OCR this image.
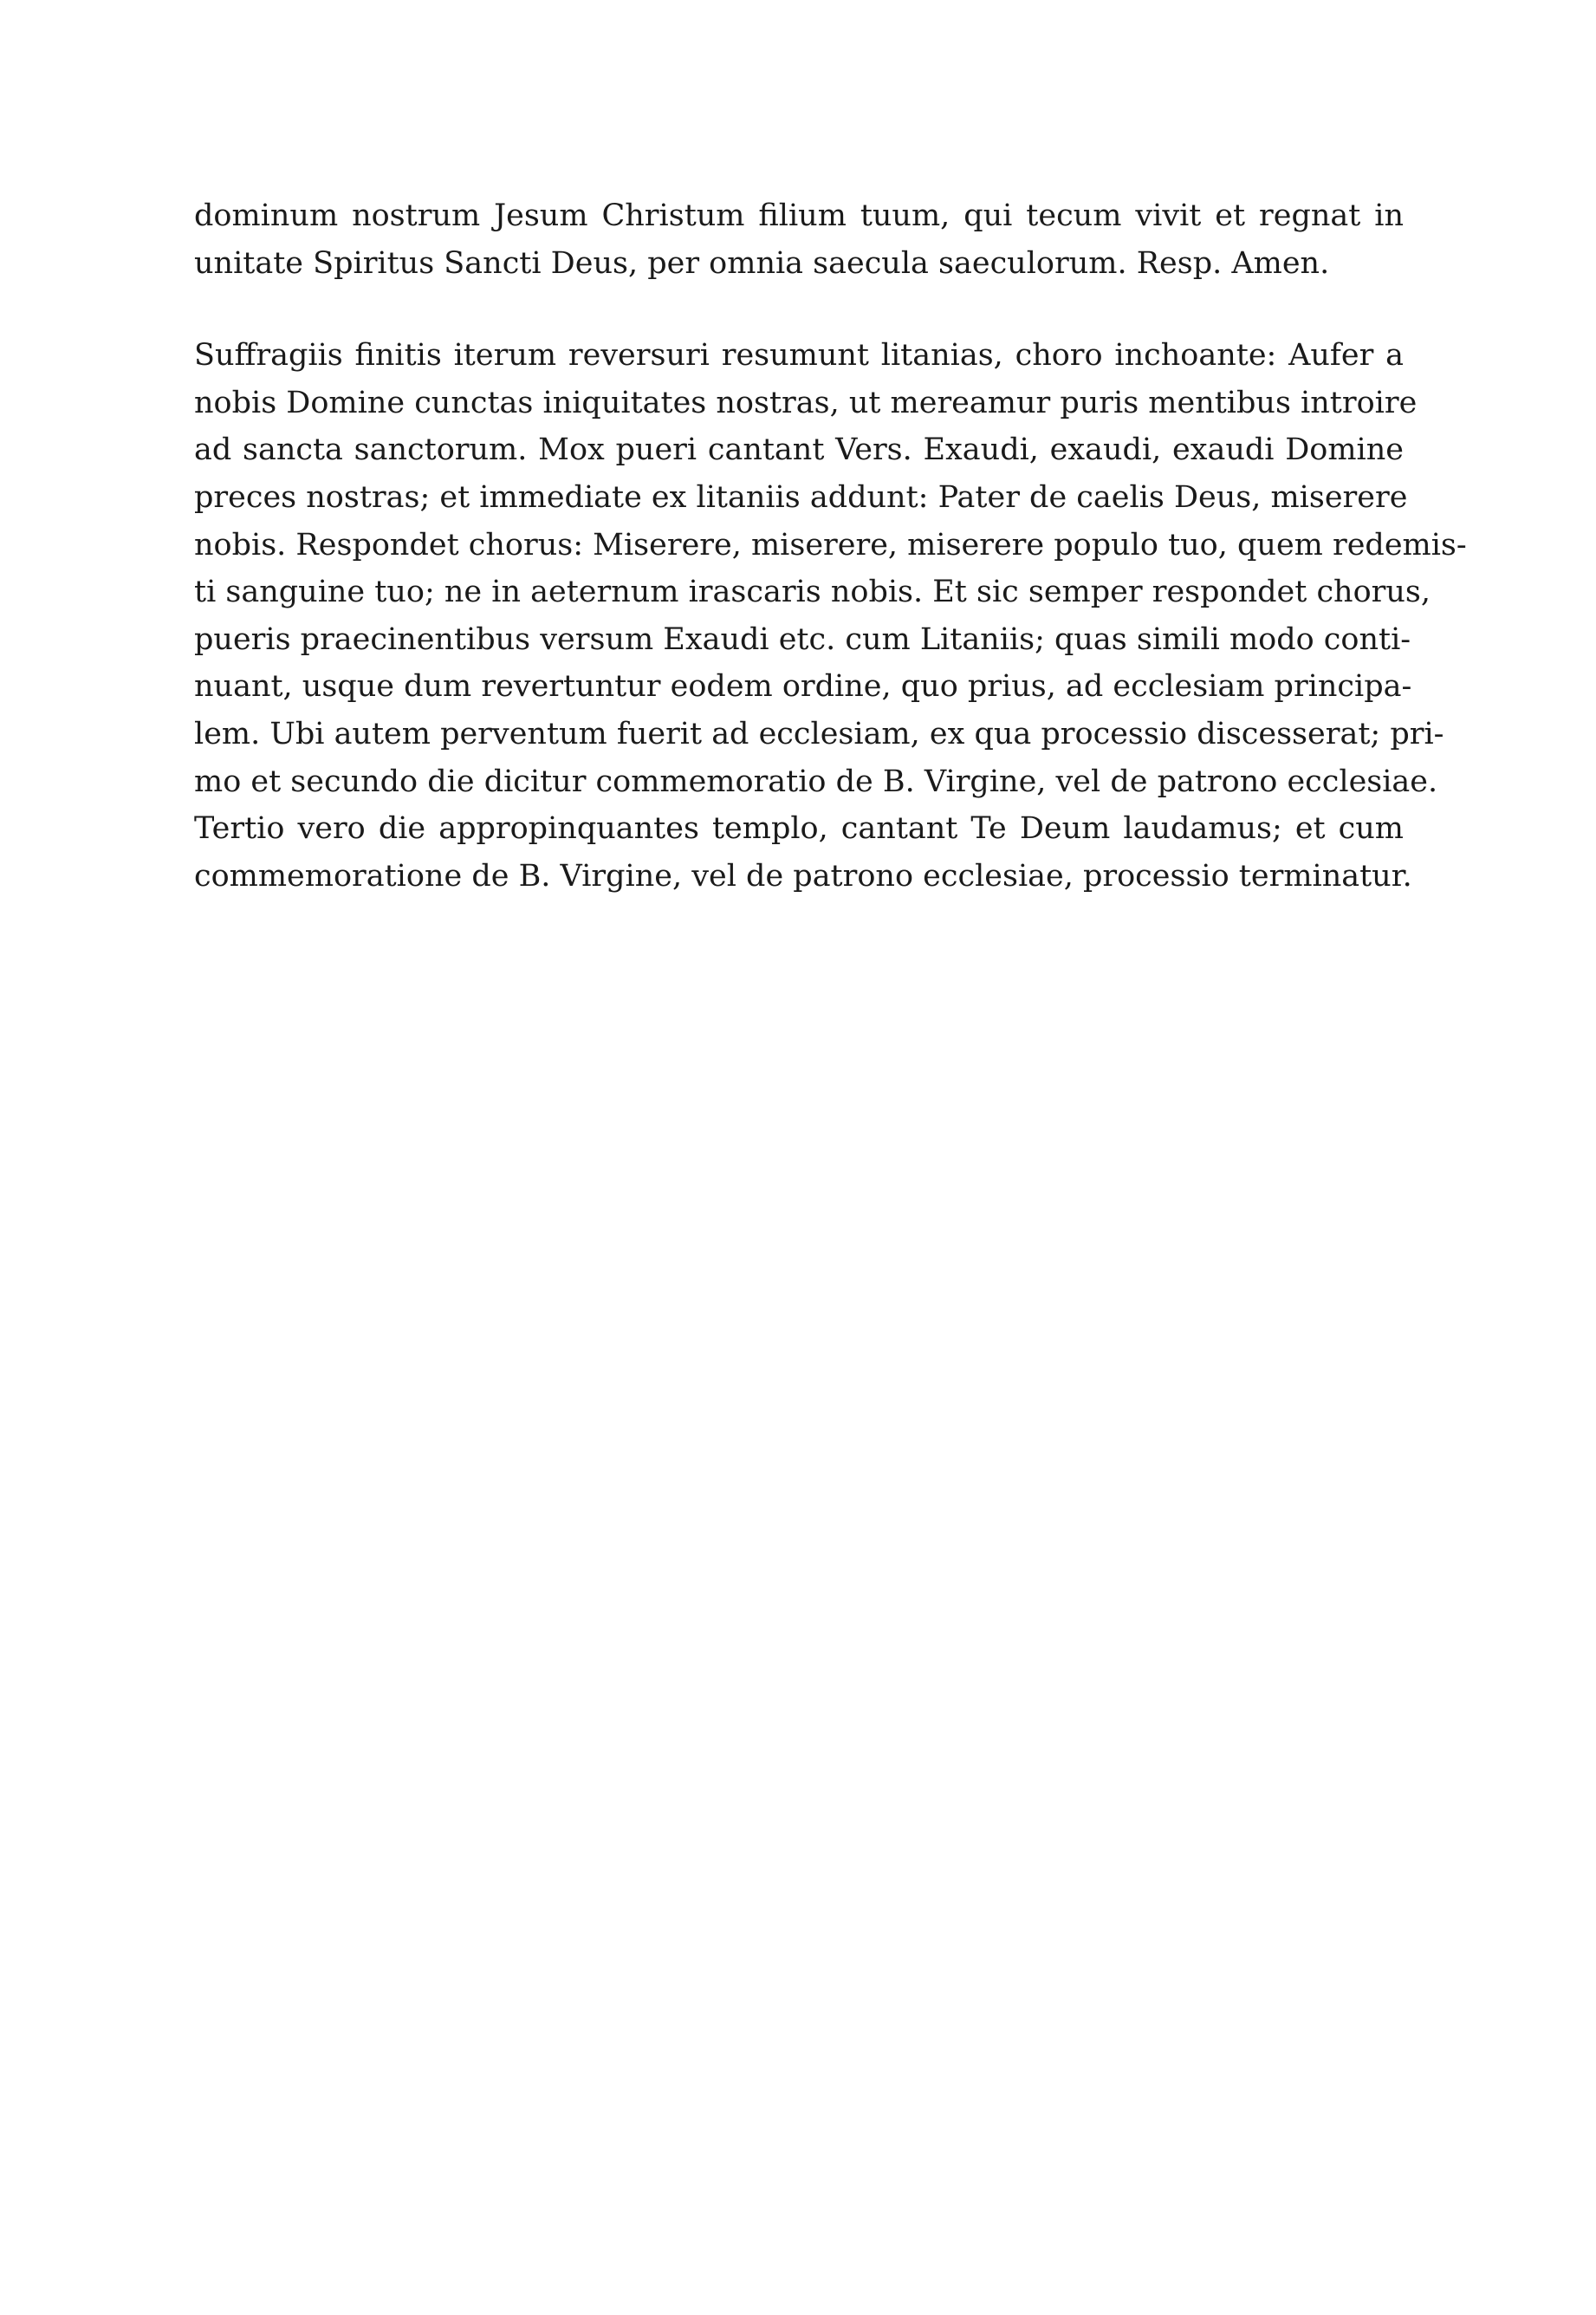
dominum nostrum Jesum Christum filium tuum, qui tecum vivit et regnat in
unitate Spiritus Sancti Deus, per omnia saecula saeculorum. Resp. Amen.
Suffragiis finitis iterum reversuri resumunt litanias, choro inchoante: Aufer a
nobis Domine cunctas iniquitates nostras, ut mereamur puris mentibus introire
ad sancta sanctorum. Mox pueri cantant Vers. Exaudi, exaudi, exaudi Domine
preces nostras; et immediate ex litaniis addunt: Pater de caelis Deus, miserere
nobis. Respondet chorus: Miserere, miserere, miserere populo tuo, quem redemis-
ti sanguine tuo; ne in aeternum irascaris nobis. Et sic semper respondet chorus,
pueris praecinentibus versum Exaudi etc. cum Litaniis; quas simili modo conti-
nuant, usque dum revertuntur eodem ordine, quo prius, ad ecclesiam principa-
lem. Ubi autem perventum fuerit ad ecclesiam, ex qua processio discesserat; pri-
mo et secundo die dicitur commemoratio de B. Virgine, vel de patrono ecclesiae.
Tertio vero die appropinquantes templo, cantant Te Deum laudamus; et cum
commemoratione de B. Virgine, vel de patrono ecclesiae, processio terminatur.
